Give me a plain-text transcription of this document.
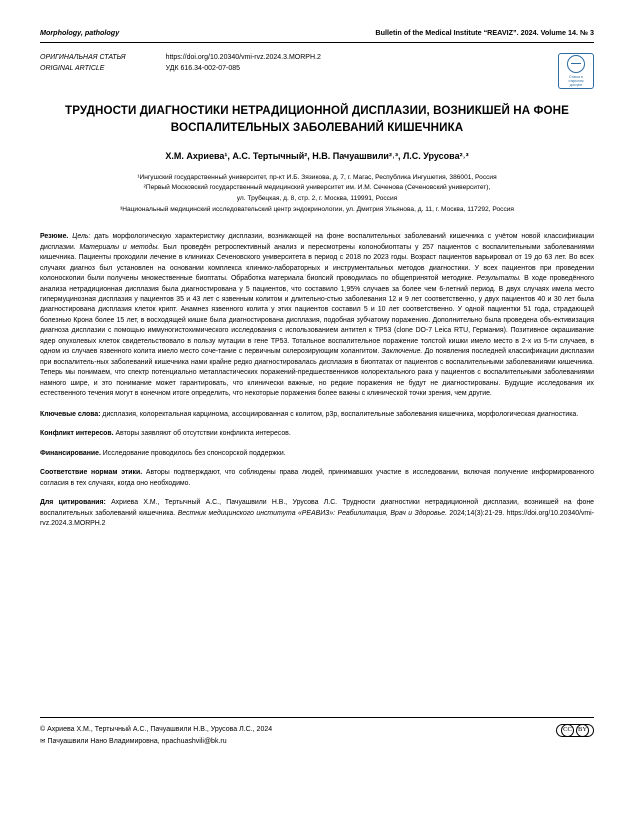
Morphology, pathology	Bulletin of the Medical Institute “REAVIZ”. 2024. Volume 14. № 3
ОРИГИНАЛЬНАЯ СТАТЬЯ
ORIGINAL ARTICLE
https://doi.org/10.20340/vmi-rvz.2024.3.MORPH.2
УДК 616.34-002-07-085
Статья в
открытом
доступе
ТРУДНОСТИ ДИАГНОСТИКИ НЕТРАДИЦИОННОЙ ДИСПЛАЗИИ, ВОЗНИКШЕЙ НА ФОНЕ ВОСПАЛИТЕЛЬНЫХ ЗАБОЛЕВАНИЙ КИШЕЧНИКА
Х.М. Ахриева¹, А.С. Тертычный², Н.В. Пачуашвили²˒³, Л.С. Урусова²˒³
¹Ингушский государственный университет, пр-кт И.Б. Зязикова, д. 7, г. Магас, Республика Ингушетия, 386001, Россия
²Первый Московский государственный медицинский университет им. И.М. Сеченова (Сеченовский университет),
ул. Трубецкая, д. 8, стр. 2, г. Москва, 119991, Россия
³Национальный медицинский исследовательский центр эндокринологии, ул. Дмитрия Ульянова, д. 11, г. Москва, 117292, Россия
Резюме. Цель: дать морфологическую характеристику дисплазии, возникающей на фоне воспалительных заболеваний кишечника с учётом новой классификации дисплазии. Материалы и методы. Был проведён ретроспективный анализ и пересмотрены колонобиоптаты у 257 пациентов с воспалительными заболеваниями кишечника. Пациенты проходили лечение в клиниках Сеченовского университета в период с 2018 по 2023 годы. Возраст пациентов варьировал от 19 до 63 лет. Во всех случаях диагноз был установлен на основании комплекса клинико-лабораторных и инструментальных методов диагностики. У всех пациентов при проведении колоноскопии были получены множественные биоптаты. Обработка материала биопсий проводилась по общепринятой методике. Результаты. В ходе проведённого анализа нетрадиционная дисплазия была диагностирована у 5 пациентов, что составило 1,95% случаев за более чем 6-летний период. В двух случаях имела место гипермуцинозная дисплазия у пациентов 35 и 43 лет с язвенным колитом и длительно-стью заболевания 12 и 9 лет соответственно, у двух пациентов 40 и 30 лет была диагностирована дисплазия клеток крипт. Анамнез язвенного колита у этих пациентов составил 5 и 10 лет соответственно. У одной пациентки 51 года, страдающей болезнью Крона более 15 лет, в восходящей кишке была диагностирована дисплазия, подобная зубчатому поражению. Дополнительно была проведена объ-ективизация диагноза дисплазии с помощью иммуногистохимического исследования с использованием антител к ТР53 (clone DO-7 Leica RTU, Германия). Позитивное окрашивание ядер опухолевых клеток свидетельствовало в пользу мутации в гене ТР53. Тотальное воспалительное поражение толстой кишки имело место в 2-х из 5-ти случаев, в одном из случаев язвенного колита имело место соче-тание с первичным склерозирующим холангитом. Заключение. До появления последней классификации дисплазии при воспалитель-ных заболеваний кишечника нами крайне редко диагностировалась дисплазия в биоптатах от пациентов с воспалительными заболеваниями кишечника. Теперь мы понимаем, что спектр потенциально метапластических поражений-предшественников колоректального рака у пациентов с воспалительными заболеваниями намного шире, и это понимание может гарантировать, что клинически важные, но редкие поражения не будут не диагностированы. Будущие исследования их естественного течения могут в конечном итоге определить, что некоторые поражения более важны с клинической точки зрения, чем другие.
Ключевые слова: дисплазия, колоректальная карцинома, ассоциированная с колитом, р3р, воспалительные заболевания кишечника, морфологическая диагностика.
Конфликт интересов. Авторы заявляют об отсутствии конфликта интересов.
Финансирование. Исследование проводилось без спонсорской поддержки.
Соответствие нормам этики. Авторы подтверждают, что соблюдены права людей, принимавших участие в исследовании, включая получение информированного согласия в тех случаях, когда оно необходимо.
Для цитирования: Ахриева Х.М., Тертычный А.С., Пачуашвили Н.В., Урусова Л.С. Трудности диагностики нетрадиционной дисплазии, возникшей на фоне воспалительных заболеваний кишечника. Вестник медицинского института «РЕАВИЗ»: Реабилитация, Врач и Здоровье. 2024;14(3):21-29. https://doi.org/10.20340/vmi-rvz.2024.3.MORPH.2
© Ахриева Х.М., Тертычный А.С., Пачуашвили Н.В., Урусова Л.С., 2024
✉ Пачуашвили Нано Владимировна, npachuashvili@bk.ru
CC BY
